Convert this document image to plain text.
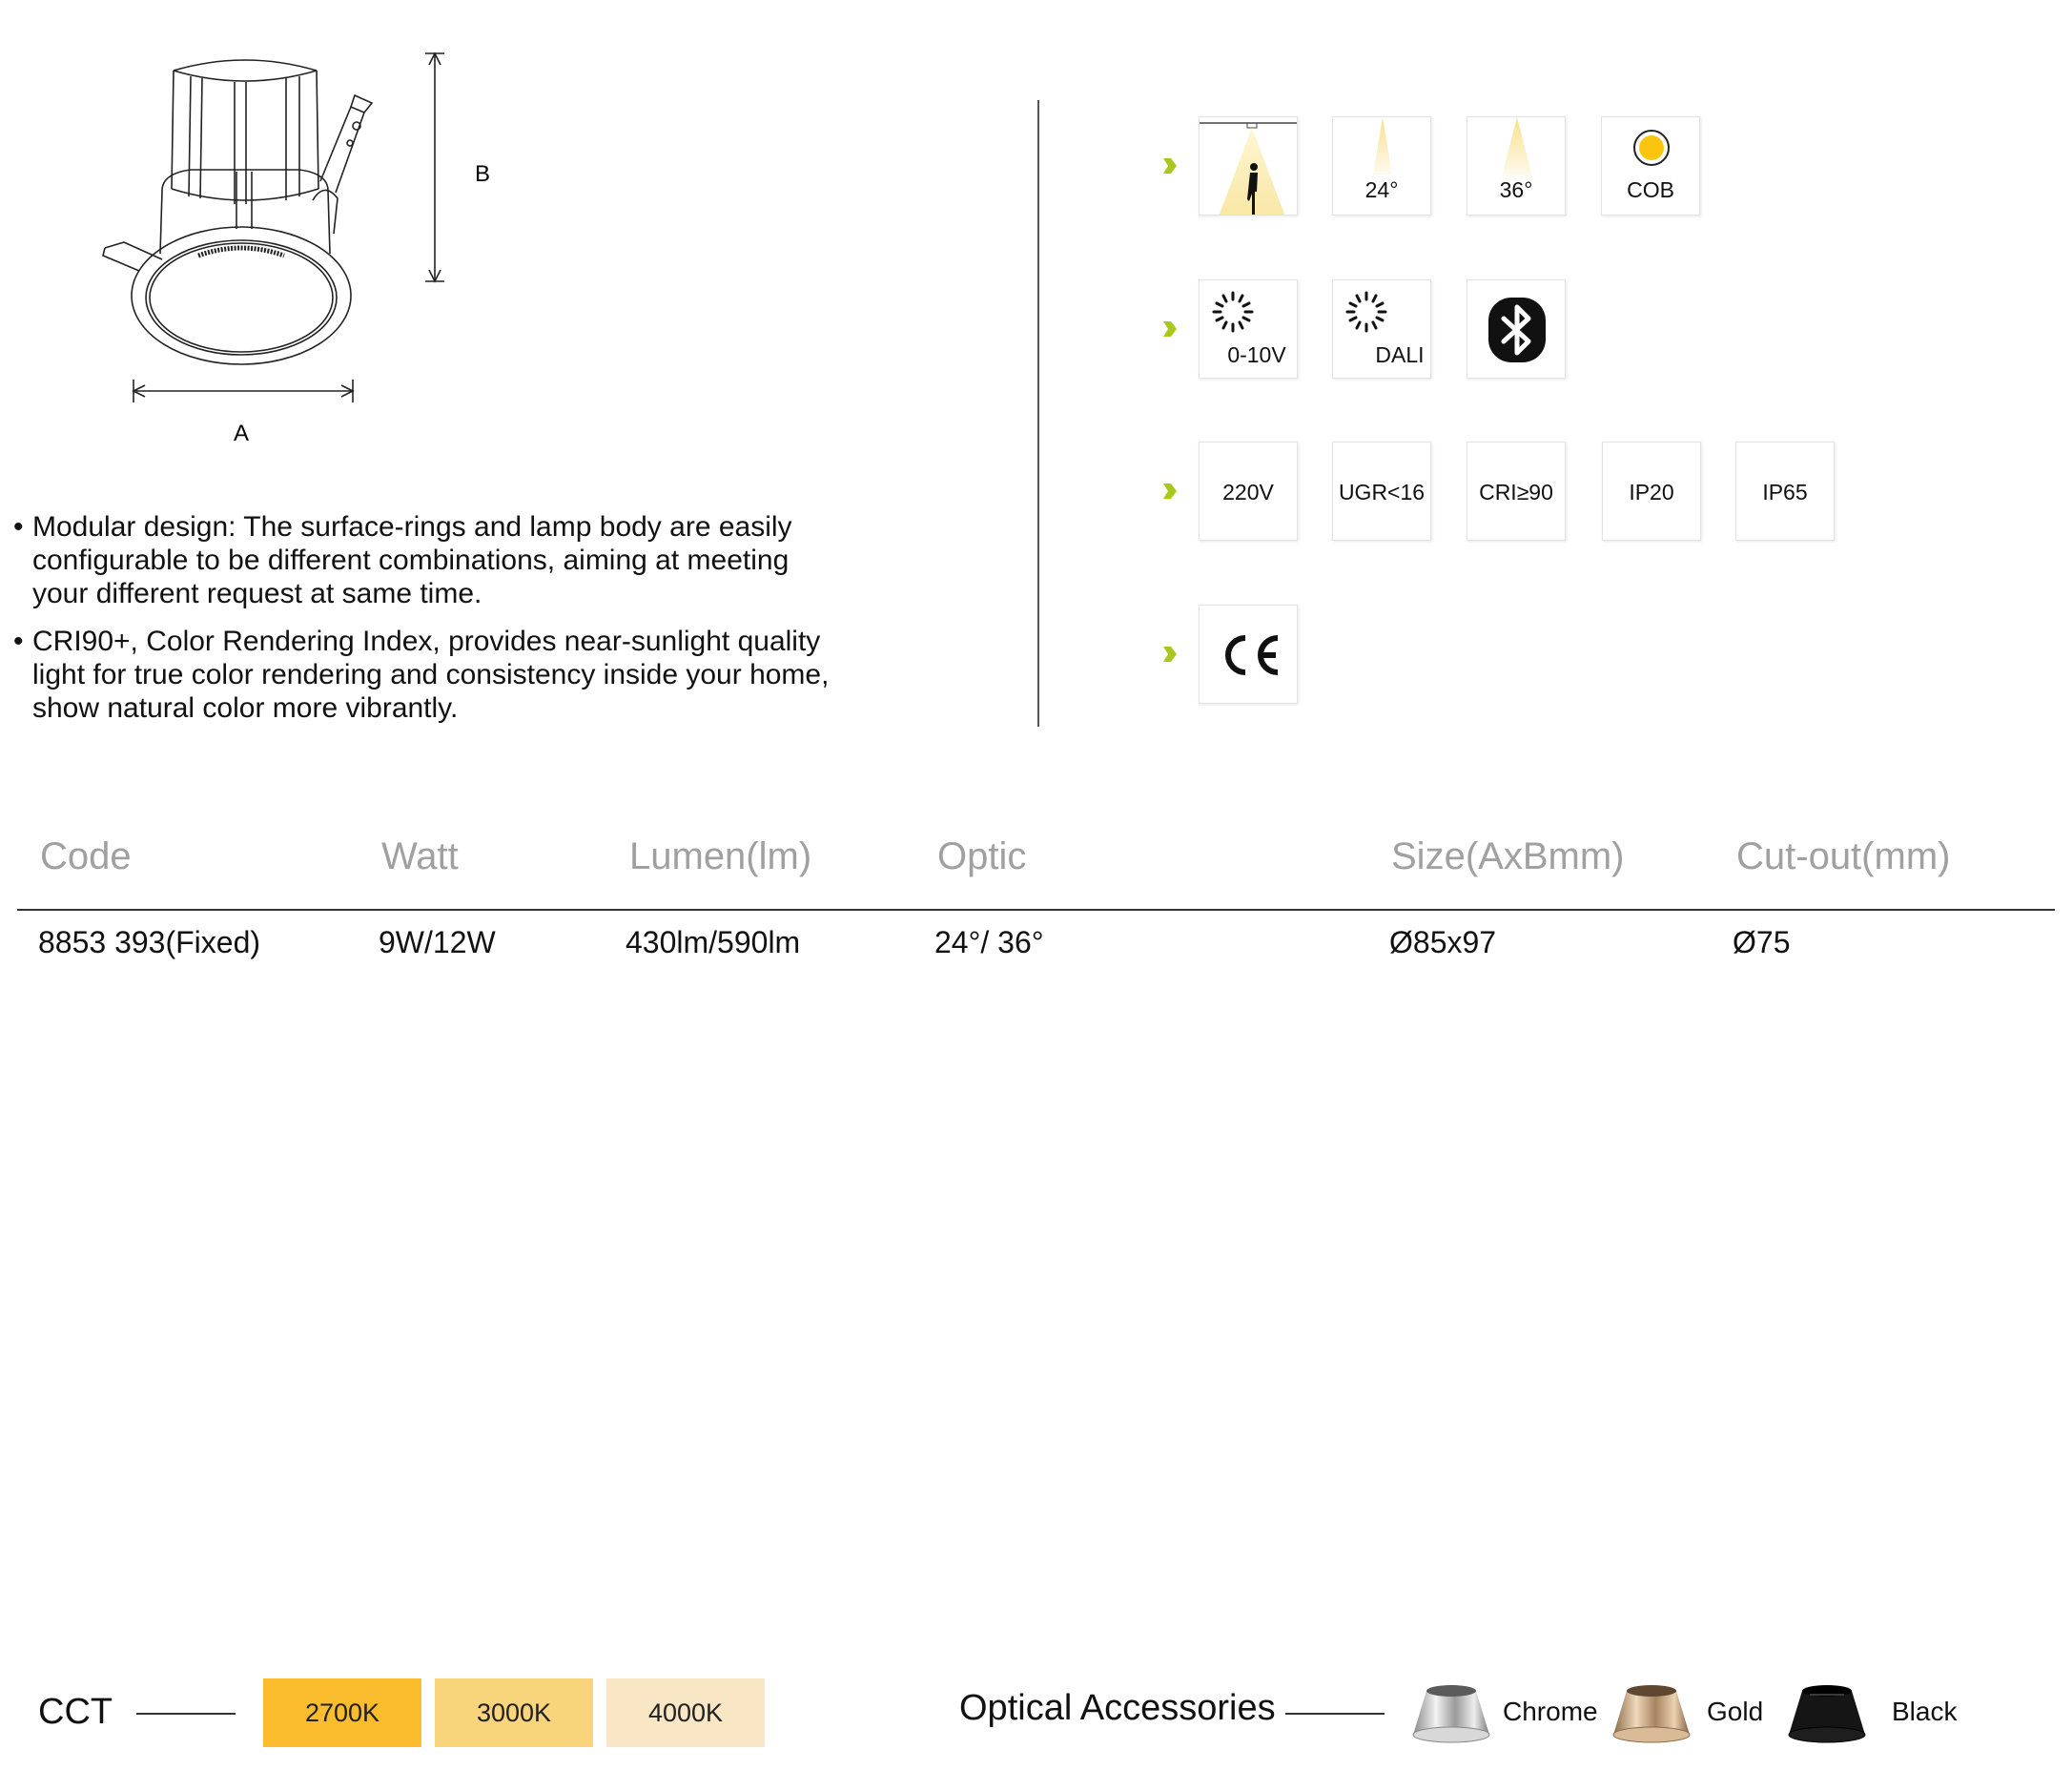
B
A
• Modular design: The surface-rings and lamp body are easily
configurable to be different combinations, aiming at meeting
your different request at same time.
• CRI90+, Color Rendering Index, provides near-sunlight quality
light for true color rendering and consistency inside your home,
show natural color more vibrantly.
24°	36°	COB
0-10V	DALI
220V	UGR<16	CRI≥90	IP20	IP65
Code	Watt	Lumen(lm)	Optic	Size(AxBmm)	Cut-out(mm)
8853 393(Fixed)	9W/12W	430lm/590lm	24°/ 36°	Ø85x97	Ø75
CCT	2700K	3000K	4000K	Optical Accessories	Chrome	Gold	Black
